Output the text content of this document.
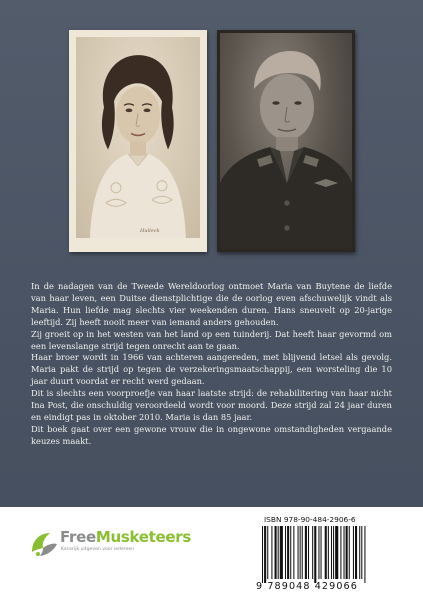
Hulleck

In de nadagen van de Tweede Wereldoorlog ontmoet Maria van Buytene de liefde van haar leven, een Duitse dienstplichtige die de oorlog even afschuwelijk vindt als Maria. Hun liefde mag slechts vier weekenden duren. Hans sneuvelt op 20-jarige leeftijd. Zij heeft nooit meer van iemand anders gehouden.

Zij groeit op in het westen van het land op een tuinderij. Dat heeft haar gevormd om een levenslange strijd tegen onrecht aan te gaan.

Haar broer wordt in 1966 van achteren aangereden, met blijvend letsel als gevolg. Maria pakt de strijd op tegen de verzekeringsmaatschappij, een worsteling die 10 jaar duurt voordat er recht werd gedaan.

Dit is slechts een voorproefje van haar laatste strijd: de rehabilitering van haar nicht Ina Post, die onschuldig veroordeeld wordt voor moord. Deze strijd zal 24 jaar duren en eindigt pas in oktober 2010. Maria is dan 85 jaar.

Dit boek gaat over een gewone vrouw die in ongewone omstandigheden vergaande keuzes maakt.

FreeMusketeers
Kansrijk uitgeven voor iedereen
ISBN 978-90-484-2906-6
9 789048 429066
